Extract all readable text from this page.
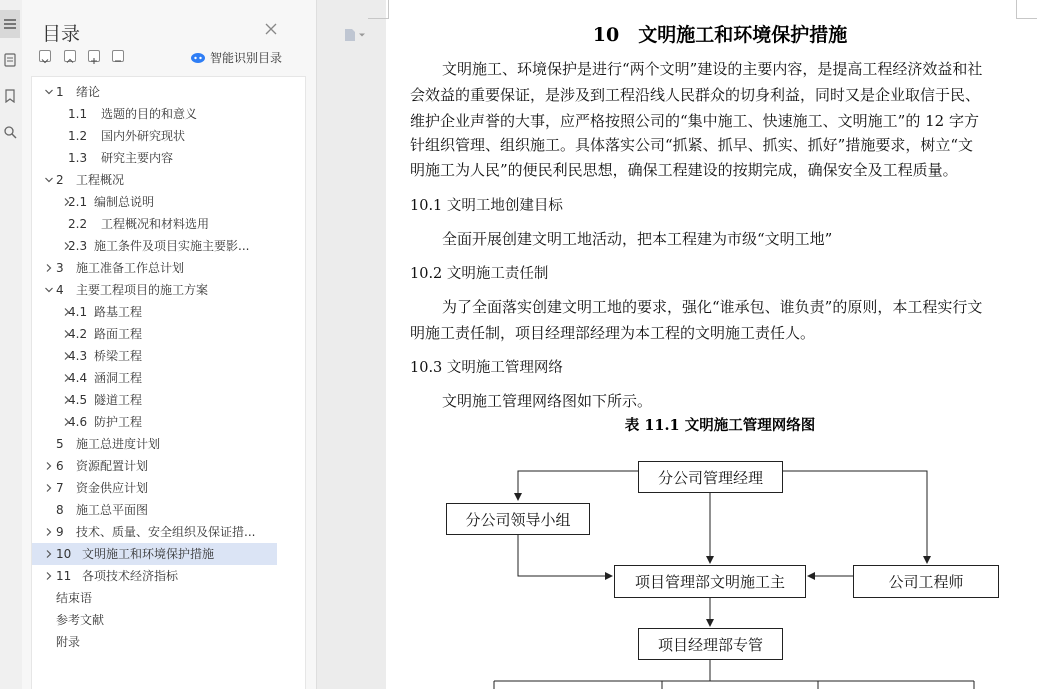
目录
智能识别目录
1 绪论
1.1 选题的目的和意义
1.2 国内外研究现状
1.3 研究主要内容
2 工程概况
2.1 编制总说明
2.2 工程概况和材料选用
2.3 施工条件及项目实施主要影...
3 施工准备工作总计划
4 主要工程项目的施工方案
4.1 路基工程
4.2 路面工程
4.3 桥梁工程
4.4 涵洞工程
4.5 隧道工程
4.6 防护工程
5 施工总进度计划
6 资源配置计划
7 资金供应计划
8 施工总平面图
9 技术、质量、安全组织及保证措...
10 文明施工和环境保护措施
11 各项技术经济指标
结束语
参考文献
附录
10　文明施工和环境保护措施
文明施工、环境保护是进行“两个文明”建设的主要内容，是提高工程经济效益和社
会效益的重要保证，是涉及到工程沿线人民群众的切身利益，同时又是企业取信于民、
维护企业声誉的大事，应严格按照公司的“集中施工、快速施工、文明施工”的 12 字方
针组织管理、组织施工。具体落实公司“抓紧、抓早、抓实、抓好”措施要求，树立“文
明施工为人民”的便民利民思想，确保工程建设的按期完成，确保安全及工程质量。
10.1 文明工地创建目标
全面开展创建文明工地活动，把本工程建为市级“文明工地”
10.2 文明施工责任制
为了全面落实创建文明工地的要求，强化“谁承包、谁负责”的原则，本工程实行文
明施工责任制，项目经理部经理为本工程的文明施工责任人。
10.3 文明施工管理网络
文明施工管理网络图如下所示。
表 11.1 文明施工管理网络图
分公司管理经理
分公司领导小组
项目管理部文明施工主	公司工程师
项目经理部专管
